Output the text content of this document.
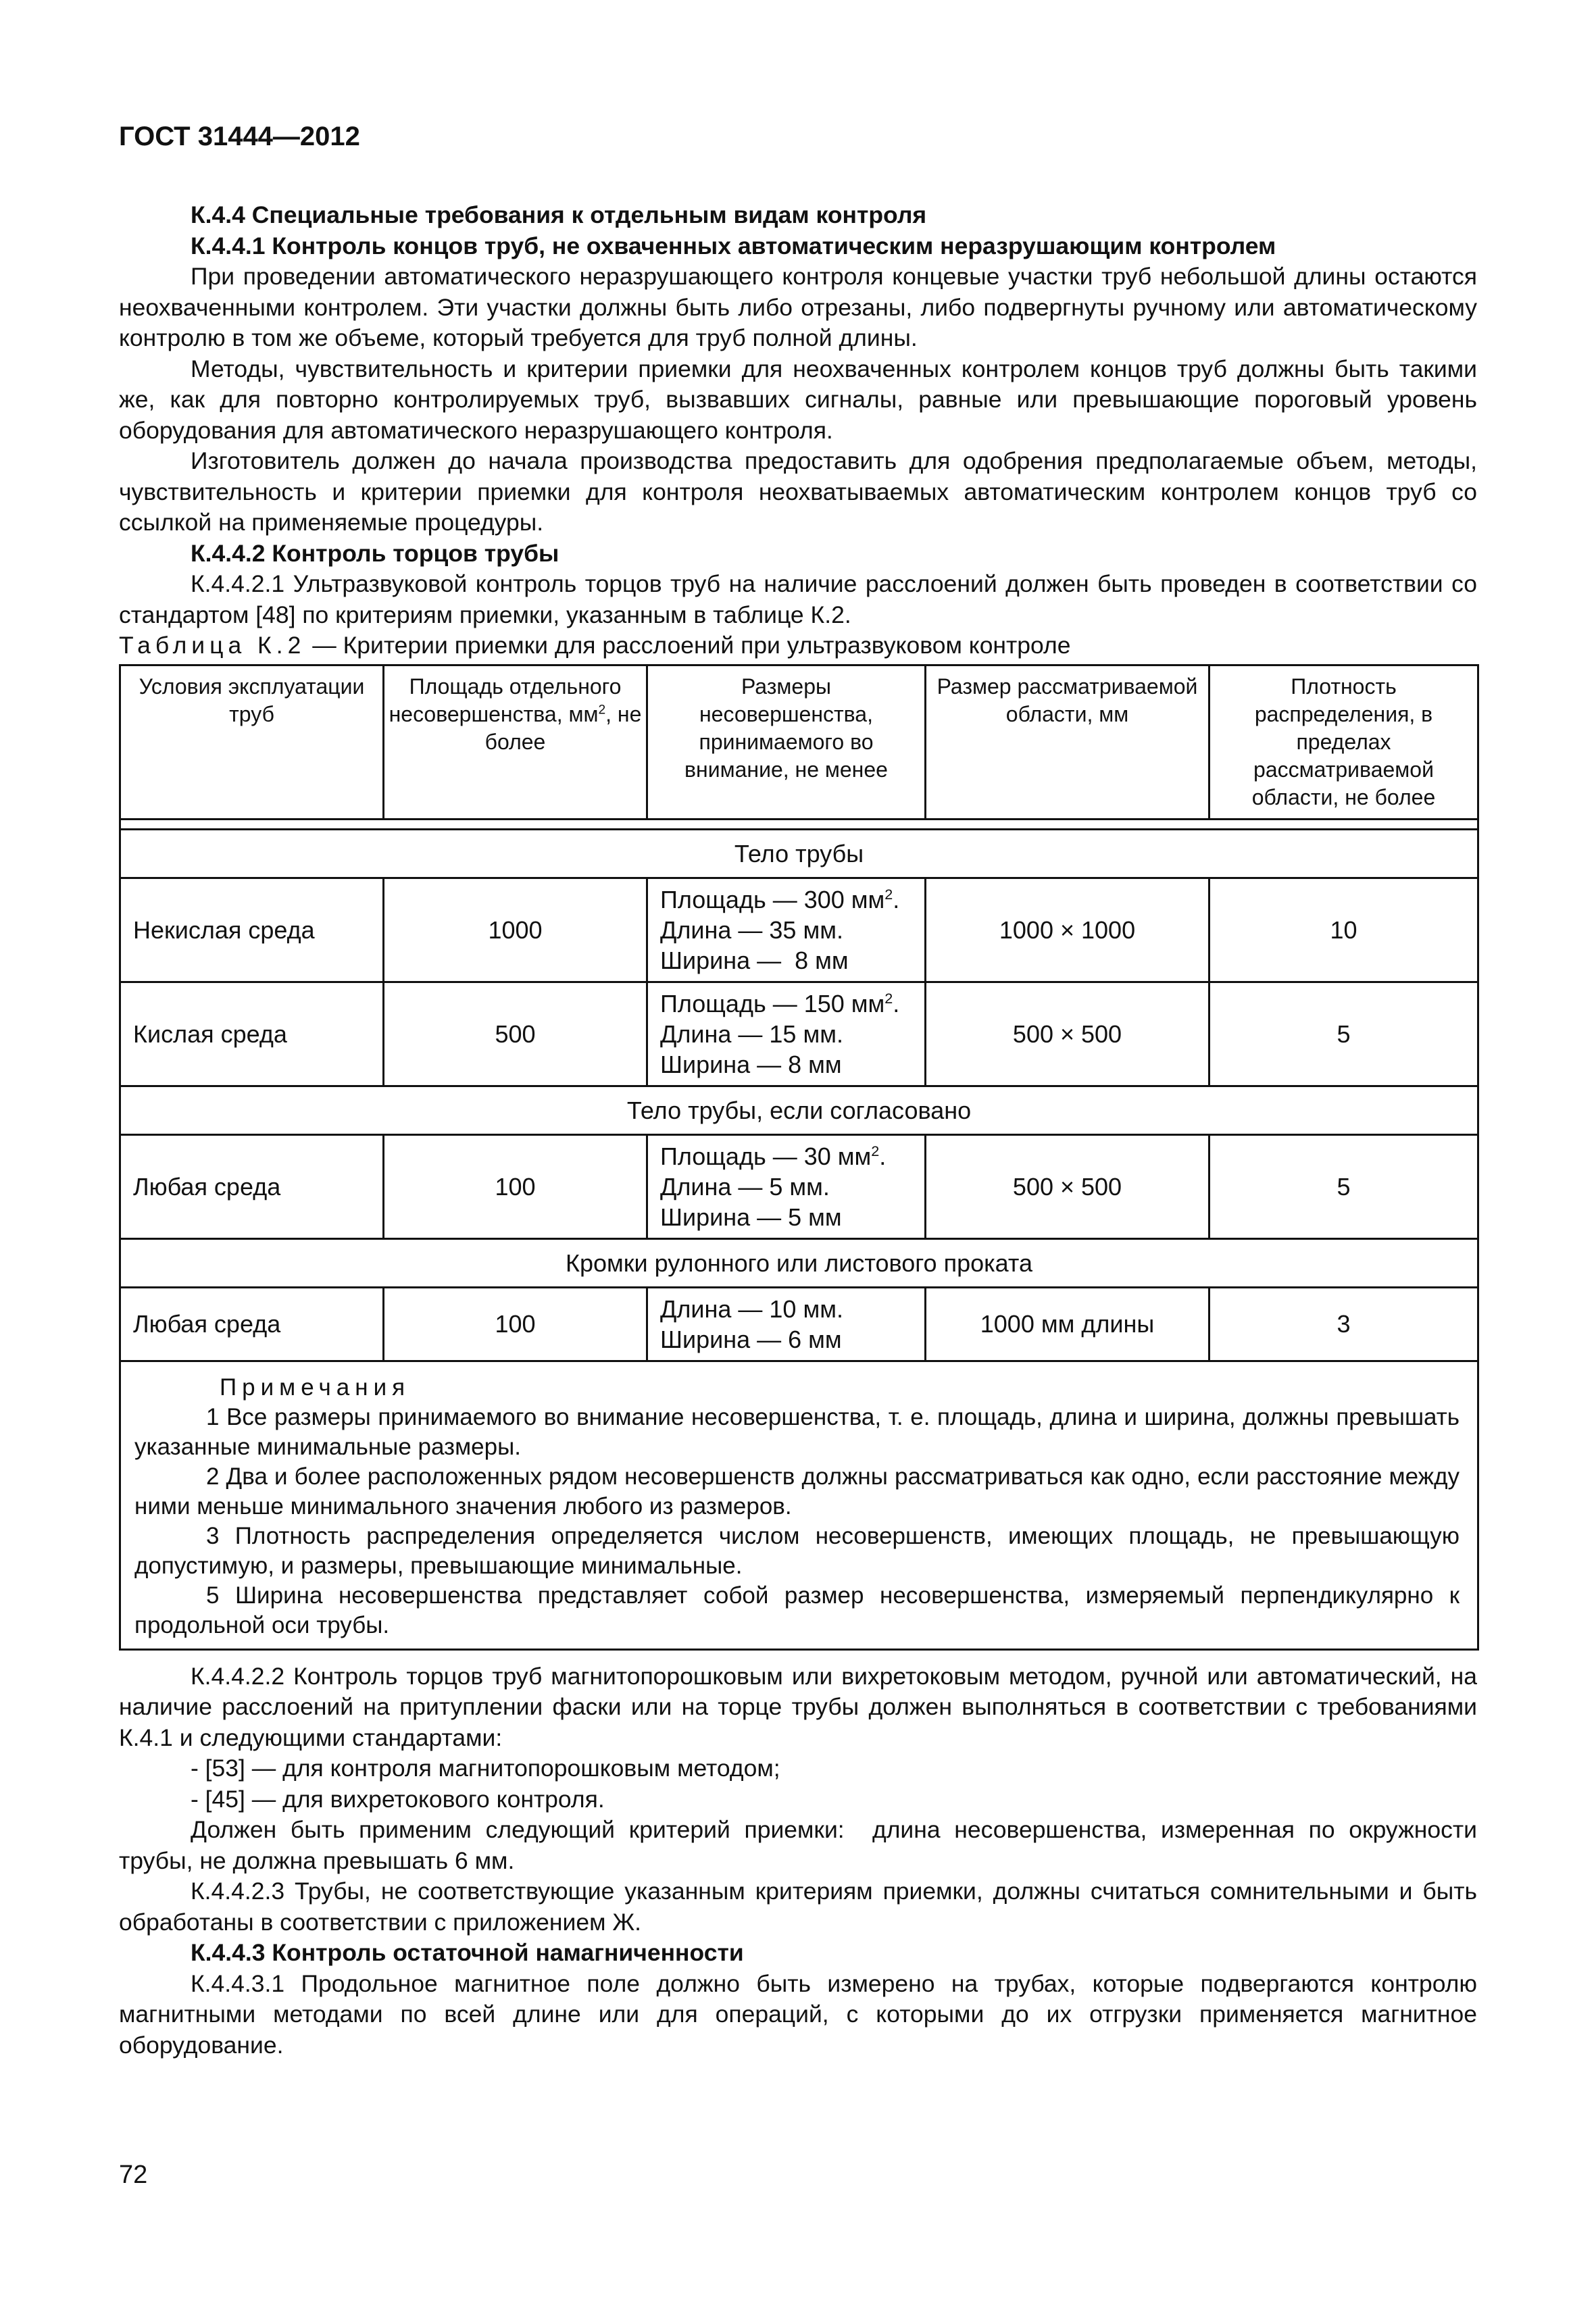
ГОСТ 31444—2012

К.4.4 Специальные требования к отдельным видам контроля

К.4.4.1 Контроль концов труб, не охваченных автоматическим неразрушающим контролем

При проведении автоматического неразрушающего контроля концевые участки труб небольшой длины остаются неохваченными контролем. Эти участки должны быть либо отрезаны, либо подвергнуты ручному или автоматическому контролю в том же объеме, который требуется для труб полной длины.

Методы, чувствительность и критерии приемки для неохваченных контролем концов труб должны быть такими же, как для повторно контролируемых труб, вызвавших сигналы, равные или превышающие пороговый уровень оборудования для автоматического неразрушающего контроля.

Изготовитель должен до начала производства предоставить для одобрения предполагаемые объем, методы, чувствительность и критерии приемки для контроля неохватываемых автоматическим контролем концов труб со ссылкой на применяемые процедуры.

К.4.4.2 Контроль торцов трубы

К.4.4.2.1 Ультразвуковой контроль торцов труб на наличие расслоений должен быть проведен в соответствии со стандартом [48] по критериям приемки, указанным в таблице К.2.

Таблица К.2 — Критерии приемки для расслоений при ультразвуковом контроле

Условия эксплуатации труб	Площадь отдельного несовершенства, $мм^2$, не более	Размеры несовершенства, принимаемого во внимание, не менее	Размер рассматриваемой области, мм	Плотность распределения, в пределах рассматриваемой области, не более

Тело трубы				
Некислая среда	1000	Площадь — 300 $мм^2$.
Длина — 35 мм.
Ширина —  8 мм	1000 × 1000	10
Кислая среда	500	Площадь — 150 $мм^2$.
Длина — 15 мм.
Ширина — 8 мм	500 × 500	5
Тело трубы, если согласовано				
Любая среда	100	Площадь — 30 $мм^2$.
Длина — 5 мм.
Ширина — 5 мм	500 × 500	5
Кромки рулонного или листового проката				
Любая среда	100	Длина — 10 мм.
Ширина — 6 мм	1000 мм длины	3

Примечания

1 Все размеры принимаемого во внимание несовершенства, т. е. площадь, длина и ширина, должны превышать указанные минимальные размеры.

2 Два и более расположенных рядом несовершенств должны рассматриваться как одно, если расстояние между ними меньше минимального значения любого из размеров.

3 Плотность распределения определяется числом несовершенств, имеющих площадь, не превышающую допустимую, и размеры, превышающие минимальные.

5 Ширина несовершенства представляет собой размер несовершенства, измеряемый перпендикулярно к продольной оси трубы.				

К.4.4.2.2 Контроль торцов труб магнитопорошковым или вихретоковым методом, ручной или автоматический, на наличие расслоений на притуплении фаски или на торце трубы должен выполняться в соответствии с требованиями К.4.1 и следующими стандартами:

- [53] — для контроля магнитопорошковым методом;

- [45] — для вихретокового контроля.

Должен быть применим следующий критерий приемки:  длина несовершенства, измеренная по окружности трубы, не должна превышать 6 мм.

К.4.4.2.3 Трубы, не соответствующие указанным критериям приемки, должны считаться сомнительными и быть обработаны в соответствии с приложением Ж.

К.4.4.3 Контроль остаточной намагниченности

К.4.4.3.1 Продольное магнитное поле должно быть измерено на трубах, которые подвергаются контролю магнитными методами по всей длине или для операций, с которыми до их отгрузки применяется магнитное оборудование.

72
